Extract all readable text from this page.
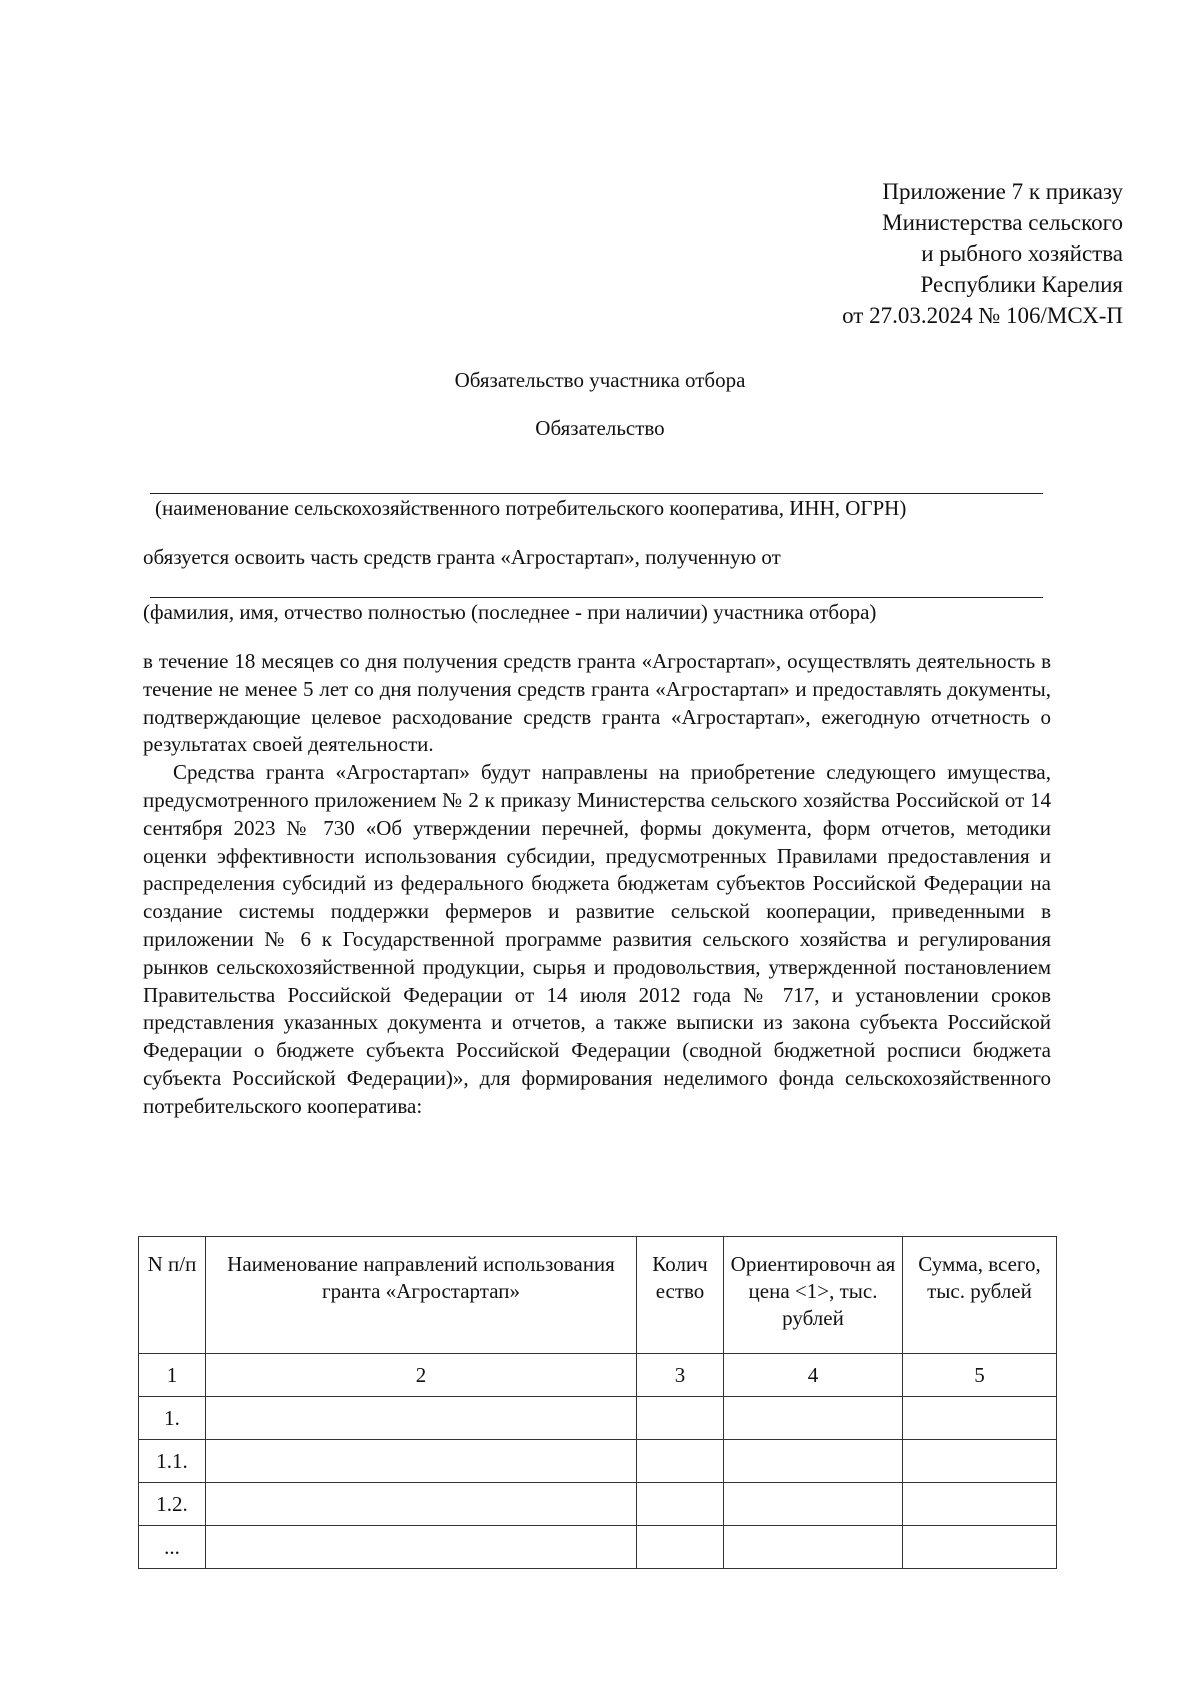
Приложение 7 к приказу
Министерства сельского
и рыбного хозяйства
Республики Карелия
от 27.03.2024 № 106/МСХ-П
Обязательство участника отбора
Обязательство
(наименование сельскохозяйственного потребительского кооператива, ИНН, ОГРН)
обязуется освоить часть средств гранта «Агростартап», полученную от
(фамилия, имя, отчество полностью (последнее - при наличии) участника отбора)

в течение 18 месяцев со дня получения средств гранта «Агростартап», осуществлять деятельность в течение не менее 5 лет со дня получения средств гранта «Агростартап» и предоставлять документы, подтверждающие целевое расходование средств гранта «Агростартап», ежегодную отчетность о результатах своей деятельности.

Средства гранта «Агростартап» будут направлены на приобретение следующего имущества, предусмотренного приложением № 2 к приказу Министерства сельского хозяйства Российской от 14 сентября 2023 № 730 «Об утверждении перечней, формы документа, форм отчетов, методики оценки эффективности использования субсидии, предусмотренных Правилами предоставления и распределения субсидий из федерального бюджета бюджетам субъектов Российской Федерации на создание системы поддержки фермеров и развитие сельской кооперации, приведенными в приложении № 6 к Государственной программе развития сельского хозяйства и регулирования рынков сельскохозяйственной продукции, сырья и продовольствия, утвержденной постановлением Правительства Российской Федерации от 14 июля 2012 года № 717, и установлении сроков представления указанных документа и отчетов, а также выписки из закона субъекта Российской Федерации о бюджете субъекта Российской Федерации (сводной бюджетной росписи бюджета субъекта Российской Федерации)», для формирования неделимого фонда сельскохозяйственного потребительского кооператива:

N п/п	Наименование направлений использования гранта «Агростартап»	Колич ество	Ориентировочн ая цена <1>, тыс. рублей	Сумма, всего, тыс. рублей
1	2	3	4	5
1.				
1.1.				
1.2.				
...				
